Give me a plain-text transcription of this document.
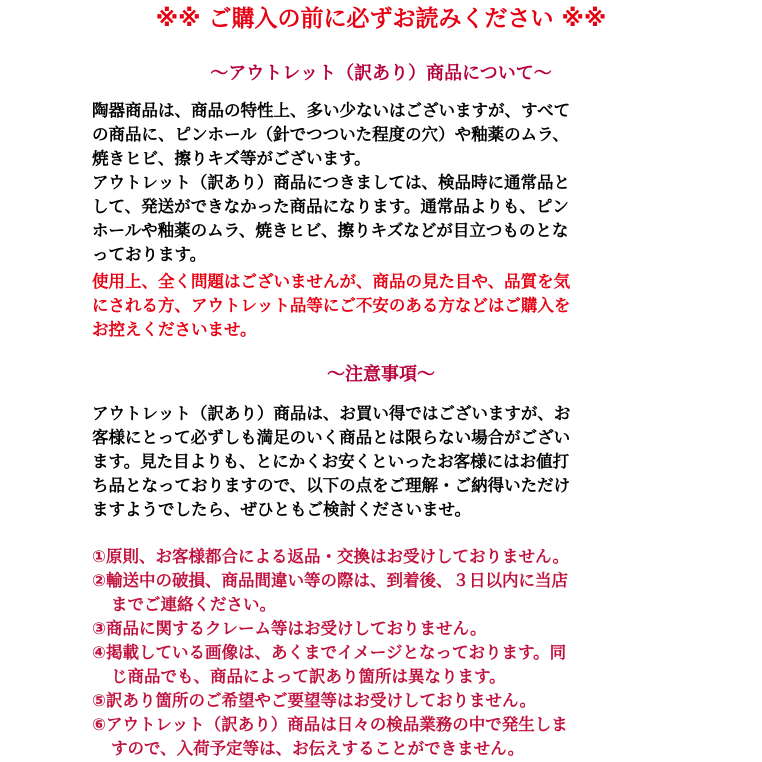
※※ ご購入の前に必ずお読みください ※※
～アウトレット（訳あり）商品について～
陶器商品は、商品の特性上、多い少ないはございますが、すべて
の商品に、ピンホール（針でつついた程度の穴）や釉薬のムラ、
焼きヒビ、擦りキズ等がございます。
アウトレット（訳あり）商品につきましては、検品時に通常品と
して、発送ができなかった商品になります。通常品よりも、ピン
ホールや釉薬のムラ、焼きヒビ、擦りキズなどが目立つものとな
っております。
使用上、全く問題はございませんが、商品の見た目や、品質を気
にされる方、アウトレット品等にご不安のある方などはご購入を
お控えくださいませ。
～注意事項～
アウトレット（訳あり）商品は、お買い得ではございますが、お
客様にとって必ずしも満足のいく商品とは限らない場合がござい
ます。見た目よりも、とにかくお安くといったお客様にはお値打
ち品となっておりますので、以下の点をご理解・ご納得いただけ
ますようでしたら、ぜひともご検討くださいませ。
①原則、お客様都合による返品・交換はお受けしておりません。
②輸送中の破損、商品間違い等の際は、到着後、３日以内に当店
までご連絡ください。
③商品に関するクレーム等はお受けしておりません。
④掲載している画像は、あくまでイメージとなっております。同
じ商品でも、商品によって訳あり箇所は異なります。
⑤訳あり箇所のご希望やご要望等はお受けしておりません。
⑥アウトレット（訳あり）商品は日々の検品業務の中で発生しま
すので、入荷予定等は、お伝えすることができません。
